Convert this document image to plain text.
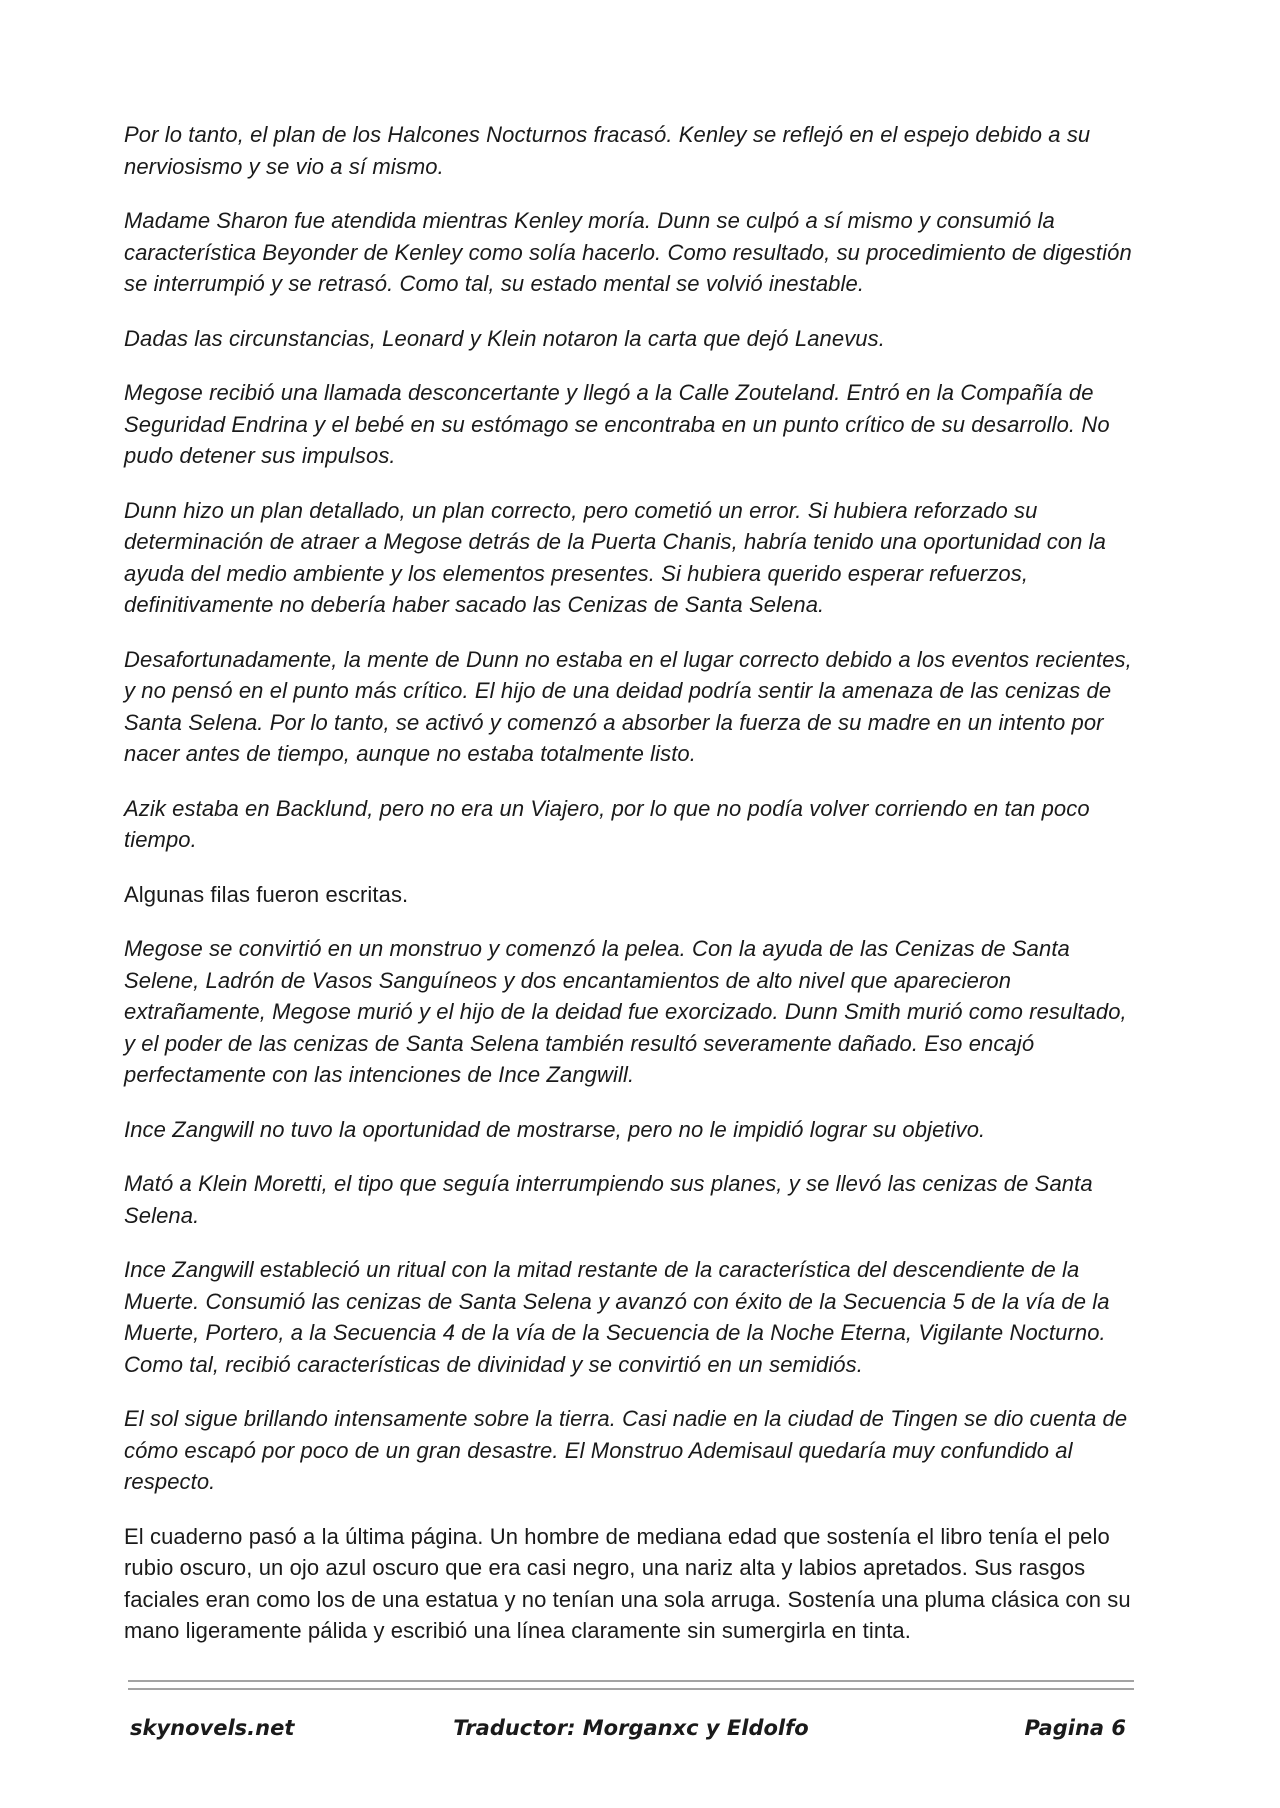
Por lo tanto, el plan de los Halcones Nocturnos fracasó. Kenley se reflejó en el espejo debido a su nerviosismo y se vio a sí mismo.

Madame Sharon fue atendida mientras Kenley moría. Dunn se culpó a sí mismo y consumió la característica Beyonder de Kenley como solía hacerlo. Como resultado, su procedimiento de digestión se interrumpió y se retrasó. Como tal, su estado mental se volvió inestable.

Dadas las circunstancias, Leonard y Klein notaron la carta que dejó Lanevus.

Megose recibió una llamada desconcertante y llegó a la Calle Zouteland. Entró en la Compañía de Seguridad Endrina y el bebé en su estómago se encontraba en un punto crítico de su desarrollo. No pudo detener sus impulsos.

Dunn hizo un plan detallado, un plan correcto, pero cometió un error. Si hubiera reforzado su determinación de atraer a Megose detrás de la Puerta Chanis, habría tenido una oportunidad con la ayuda del medio ambiente y los elementos presentes. Si hubiera querido esperar refuerzos, definitivamente no debería haber sacado las Cenizas de Santa Selena.

Desafortunadamente, la mente de Dunn no estaba en el lugar correcto debido a los eventos recientes, y no pensó en el punto más crítico. El hijo de una deidad podría sentir la amenaza de las cenizas de Santa Selena. Por lo tanto, se activó y comenzó a absorber la fuerza de su madre en un intento por nacer antes de tiempo, aunque no estaba totalmente listo.

Azik estaba en Backlund, pero no era un Viajero, por lo que no podía volver corriendo en tan poco tiempo.

Algunas filas fueron escritas.

Megose se convirtió en un monstruo y comenzó la pelea. Con la ayuda de las Cenizas de Santa Selene, Ladrón de Vasos Sanguíneos y dos encantamientos de alto nivel que aparecieron extrañamente, Megose murió y el hijo de la deidad fue exorcizado. Dunn Smith murió como resultado, y el poder de las cenizas de Santa Selena también resultó severamente dañado. Eso encajó perfectamente con las intenciones de Ince Zangwill.

Ince Zangwill no tuvo la oportunidad de mostrarse, pero no le impidió lograr su objetivo.

Mató a Klein Moretti, el tipo que seguía interrumpiendo sus planes, y se llevó las cenizas de Santa Selena.

Ince Zangwill estableció un ritual con la mitad restante de la característica del descendiente de la Muerte. Consumió las cenizas de Santa Selena y avanzó con éxito de la Secuencia 5 de la vía de la Muerte, Portero, a la Secuencia 4 de la vía de la Secuencia de la Noche Eterna, Vigilante Nocturno. Como tal, recibió características de divinidad y se convirtió en un semidiós.

El sol sigue brillando intensamente sobre la tierra. Casi nadie en la ciudad de Tingen se dio cuenta de cómo escapó por poco de un gran desastre. El Monstruo Ademisaul quedaría muy confundido al respecto.

El cuaderno pasó a la última página. Un hombre de mediana edad que sostenía el libro tenía el pelo rubio oscuro, un ojo azul oscuro que era casi negro, una nariz alta y labios apretados. Sus rasgos faciales eran como los de una estatua y no tenían una sola arruga. Sostenía una pluma clásica con su mano ligeramente pálida y escribió una línea claramente sin sumergirla en tinta.

skynovels.net	Traductor: Morganxc y Eldolfo	Pagina 6
